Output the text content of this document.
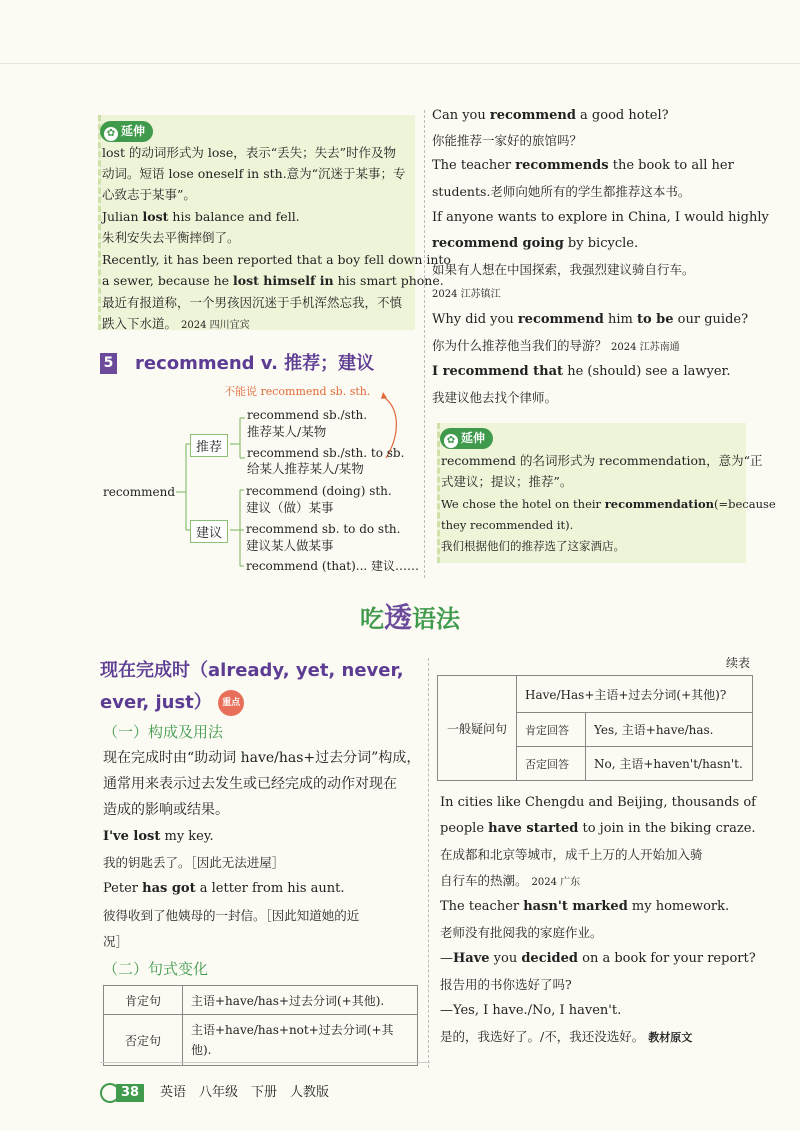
✿ 延伸
lost 的动词形式为 lose，表示“丢失；失去”时作及物
动词。短语 lose oneself in sth.意为“沉迷于某事；专
心致志于某事”。
Julian lost his balance and fell.
朱利安失去平衡摔倒了。
Recently, it has been reported that a boy fell down into
a sewer, because he lost himself in his smart phone.
最近有报道称，一个男孩因沉迷于手机浑然忘我，不慎
跌入下水道。 2024 四川宜宾
5 recommend v. 推荐；建议
不能说 recommend sb. sth.
recommend
推荐
建议
recommend sb./sth.
推荐某人/某物
recommend sb./sth. to sb.
给某人推荐某人/某物
recommend (doing) sth.
建议（做）某事
recommend sb. to do sth.
建议某人做某事
recommend (that)... 建议……
Can you recommend a good hotel?
你能推荐一家好的旅馆吗？
The teacher recommends the book to all her
students.老师向她所有的学生都推荐这本书。
If anyone wants to explore in China, I would highly
recommend going by bicycle.
如果有人想在中国探索，我强烈建议骑自行车。
2024 江苏镇江
Why did you recommend him to be our guide?
你为什么推荐他当我们的导游？ 2024 江苏南通
I recommend that he (should) see a lawyer.
我建议他去找个律师。
✿ 延伸
recommend 的名词形式为 recommendation，意为“正
式建议；提议；推荐”。
We chose the hotel on their recommendation(=because
they recommended it).
我们根据他们的推荐选了这家酒店。
吃透语法
现在完成时（already, yet, never,
ever, just） 重点
（一）构成及用法
现在完成时由“助动词 have/has+过去分词”构成，
通常用来表示过去发生或已经完成的动作对现在
造成的影响或结果。
I've lost my key.
我的钥匙丢了。［因此无法进屋］
Peter has got a letter from his aunt.
彼得收到了他姨母的一封信。［因此知道她的近
况］
（二）句式变化
肯定句	主语+have/has+过去分词(+其他).
否定句	主语+have/has+not+过去分词(+其他).
续表
一般疑问句	Have/Has+主语+过去分词(+其他)?	
	肯定回答	Yes, 主语+have/has.
	否定回答	No, 主语+haven't/hasn't.
In cities like Chengdu and Beijing, thousands of
people have started to join in the biking craze.
在成都和北京等城市，成千上万的人开始加入骑
自行车的热潮。 2024 广东
The teacher hasn't marked my homework.
老师没有批阅我的家庭作业。
—Have you decided on a book for your report?
报告用的书你选好了吗?
—Yes, I have./No, I haven't.
是的，我选好了。/不，我还没选好。 教材原文
38	英语　八年级　下册　人教版
